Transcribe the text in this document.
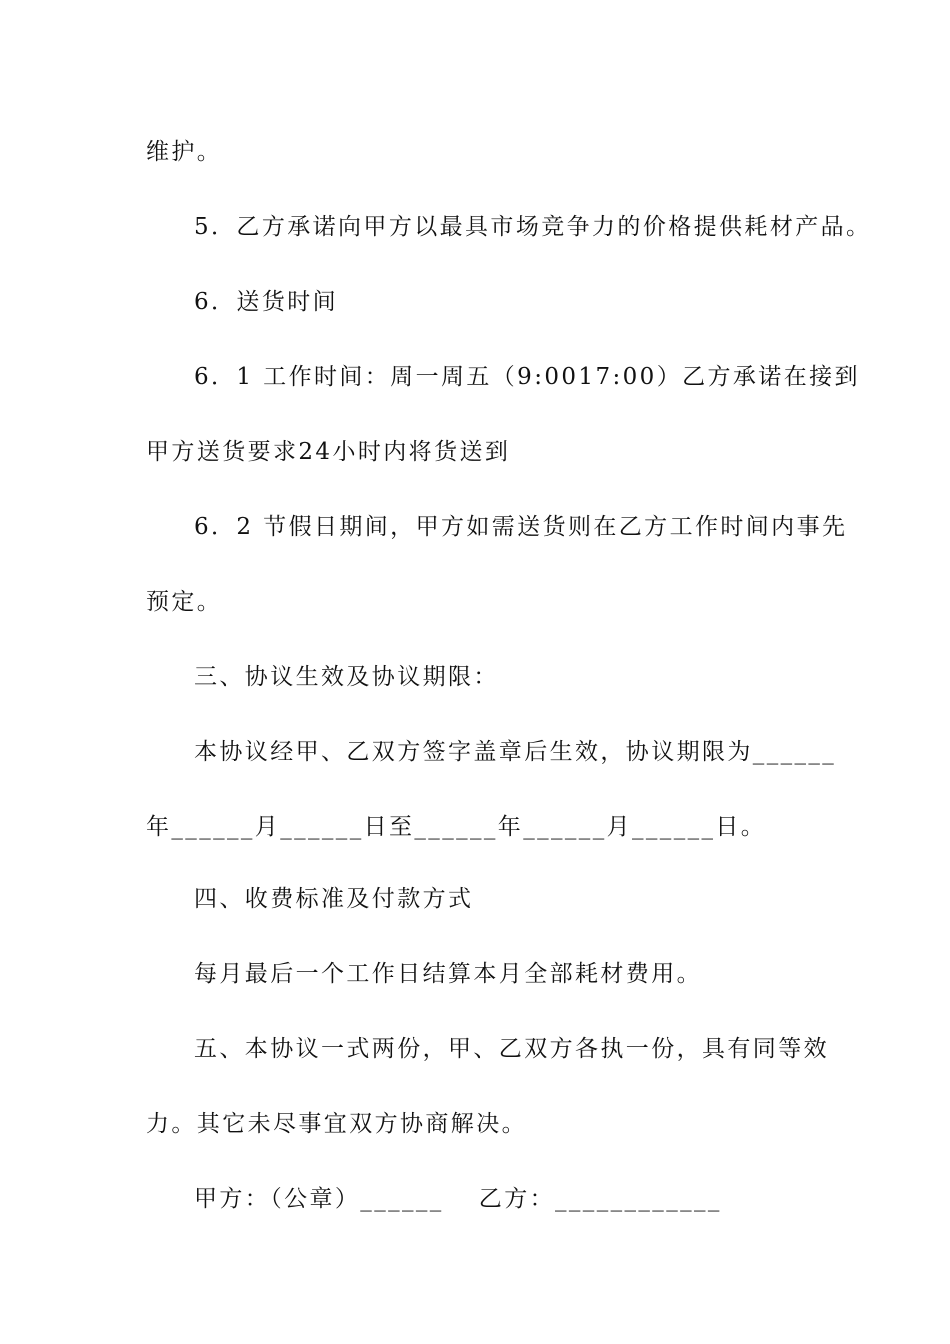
维护。
5．乙方承诺向甲方以最具市场竞争力的价格提供耗材产品。
6．送货时间
6．1 工作时间：周一周五（9:0017:00）乙方承诺在接到
甲方送货要求24小时内将货送到
6．2 节假日期间，甲方如需送货则在乙方工作时间内事先
预定。
三、协议生效及协议期限：
本协议经甲、乙双方签字盖章后生效，协议期限为______
年______月______日至______年______月______日。
四、收费标准及付款方式
每月最后一个工作日结算本月全部耗材费用。
五、本协议一式两份，甲、乙双方各执一份，具有同等效
力。其它未尽事宜双方协商解决。
甲方：（公章）______　 乙方：____________
